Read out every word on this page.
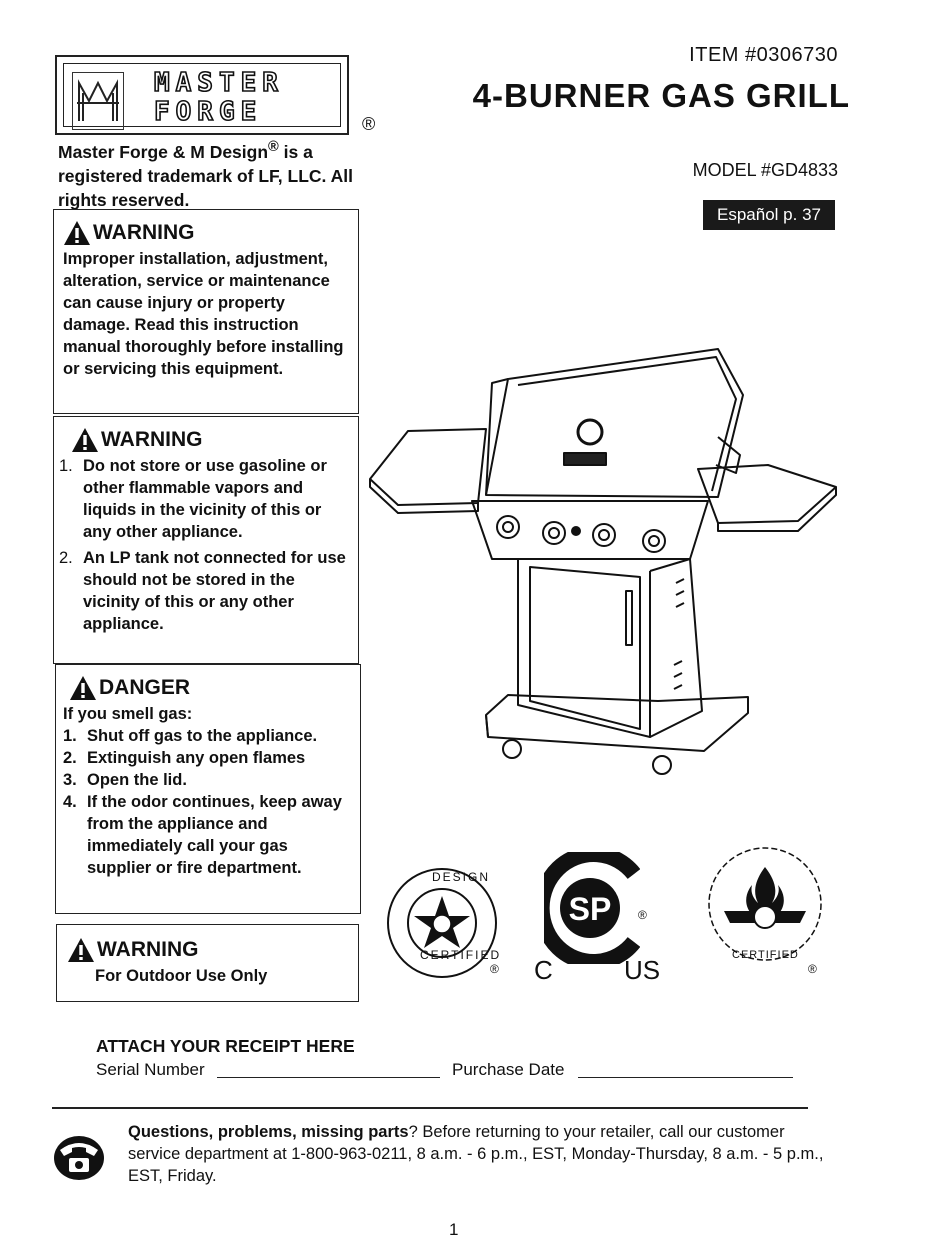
MASTER
FORGE	®
Master Forge & M Design® is a registered trademark of LF, LLC. All rights reserved.
ITEM #0306730
4-BURNER GAS GRILL
MODEL #GD4833
Español p. 37
WARNING

Improper installation, adjustment, alteration, service or maintenance can cause injury or property damage. Read this instruction manual thoroughly before installing or servicing this equipment.

WARNING
1. Do not store or use gasoline or other flammable vapors and liquids in the vicinity of this or any other appliance.
2. An LP tank not connected for use should not be stored in the vicinity of this or any other appliance.
DANGER

If you smell gas:

1. Shut off gas to the appliance.
2. Extinguish any open flames
3. Open the lid.
4. If the odor continues, keep away from the appliance and immediately call your gas supplier or fire department.
WARNING

For Outdoor Use Only

DESIGN
CERTIFIED
®
SP ®
C	US	CERTIFIED
®
ATTACH YOUR RECEIPT HERE
Serial Number	Purchase Date
Questions, problems, missing parts? Before returning to your retailer, call our customer service department at 1-800-963-0211, 8 a.m. - 6 p.m., EST, Monday-Thursday, 8 a.m. - 5 p.m., EST, Friday.
1
